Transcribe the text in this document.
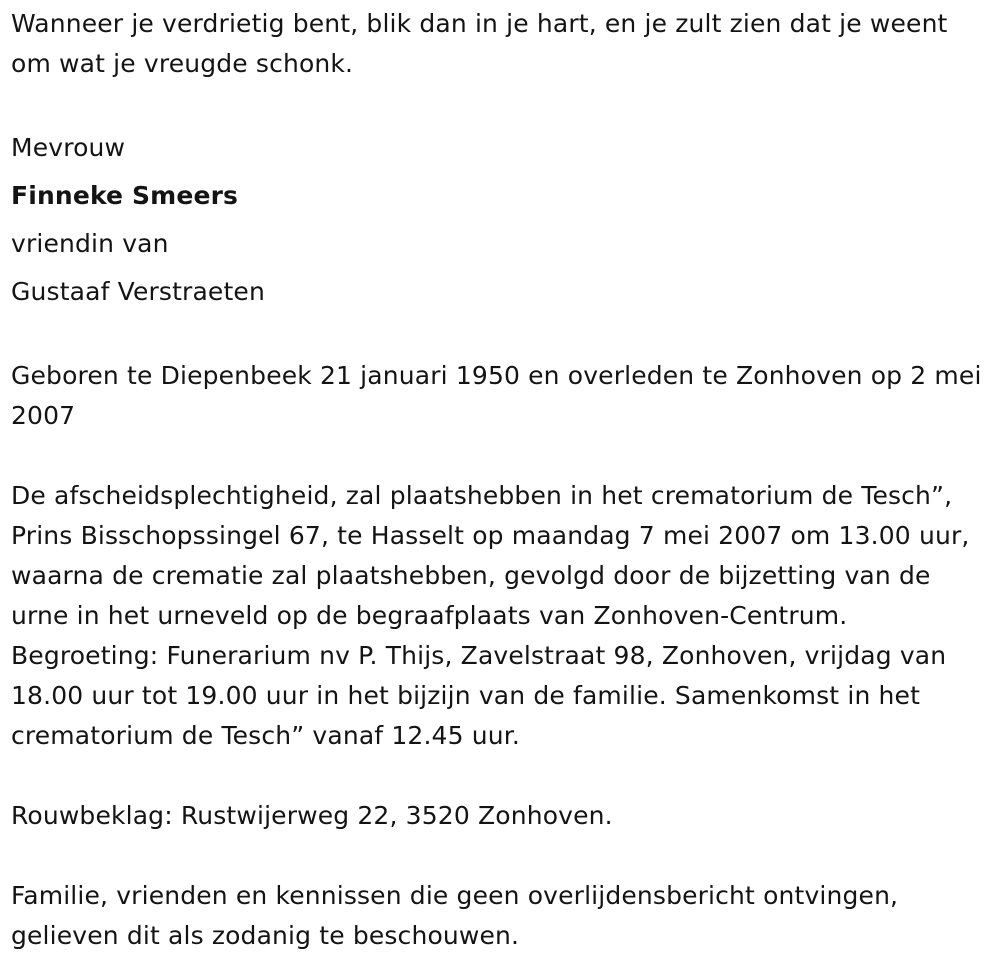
Wanneer je verdrietig bent, blik dan in je hart, en je zult zien dat je weent om wat je vreugde schonk.

Mevrouw

Finneke Smeers

vriendin van

Gustaaf Verstraeten

Geboren te Diepenbeek 21 januari 1950 en overleden te Zonhoven op 2 mei 2007

De afscheidsplechtigheid, zal plaatshebben in het crematorium de Tesch”, Prins Bisschopssingel 67, te Hasselt op maandag 7 mei 2007 om 13.00 uur, waarna de crematie zal plaatshebben, gevolgd door de bijzetting van de urne in het urneveld op de begraafplaats van Zonhoven-Centrum. Begroeting: Funerarium nv P. Thijs, Zavelstraat 98, Zonhoven, vrijdag van 18.00 uur tot 19.00 uur in het bijzijn van de familie. Samenkomst in het crematorium de Tesch” vanaf 12.45 uur.

Rouwbeklag: Rustwijerweg 22, 3520 Zonhoven.

Familie, vrienden en kennissen die geen overlijdensbericht ontvingen, gelieven dit als zodanig te beschouwen.
